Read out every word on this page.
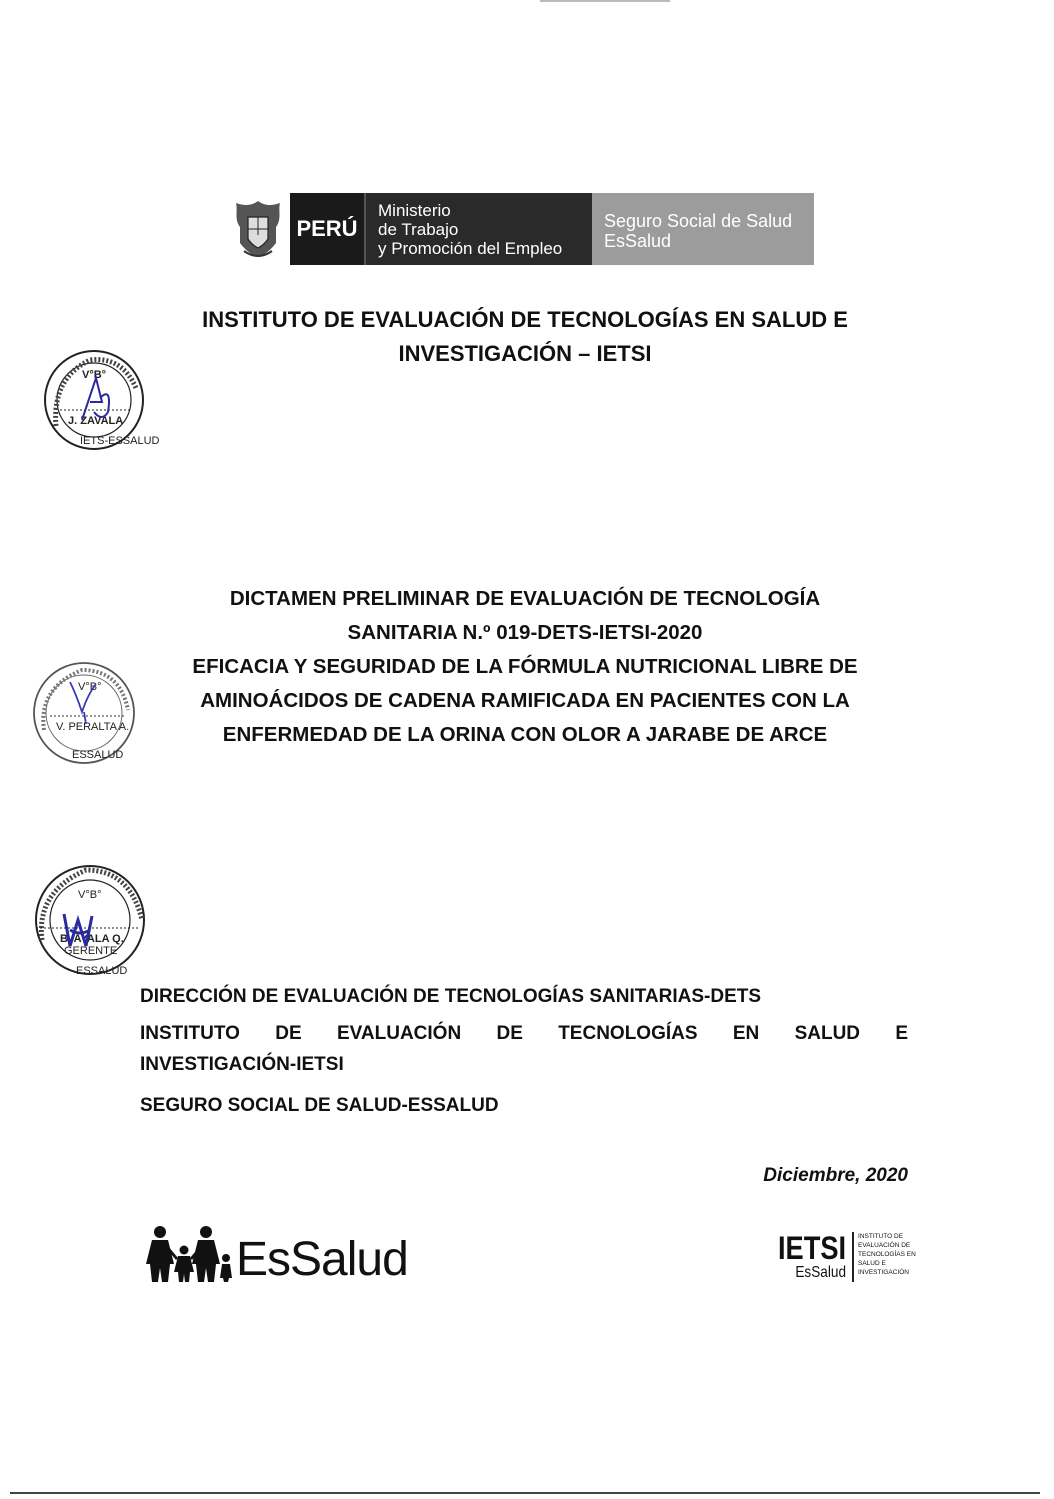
PERÚ
Ministerio
de Trabajo
y Promoción del Empleo
Seguro Social de Salud
EsSalud
INSTITUTO DE EVALUACIÓN DE TECNOLOGÍAS EN SALUD E
INVESTIGACIÓN – IETSI
V°B°
J. ZAVALA
IETS-ESSALUD
DICTAMEN PRELIMINAR DE EVALUACIÓN DE TECNOLOGÍA
SANITARIA N.º 019-DETS-IETSI-2020
EFICACIA Y SEGURIDAD DE LA FÓRMULA NUTRICIONAL LIBRE DE
AMINOÁCIDOS DE CADENA RAMIFICADA EN PACIENTES CON LA
ENFERMEDAD DE LA ORINA CON OLOR A JARABE DE ARCE
V°B°
V. PERALTA A.
ESSALUD
V°B°
B. AYALA Q.
GERENTE
ESSALUD
DIRECCIÓN DE EVALUACIÓN DE TECNOLOGÍAS SANITARIAS-DETS
INSTITUTO DE EVALUACIÓN DE TECNOLOGÍAS EN SALUD E
INVESTIGACIÓN-IETSI
SEGURO SOCIAL DE SALUD-ESSALUD
Diciembre, 2020
EsSalud	IETSI
EsSalud
INSTITUTO DE
EVALUACIÓN DE
TECNOLOGÍAS EN
SALUD E
INVESTIGACIÓN
